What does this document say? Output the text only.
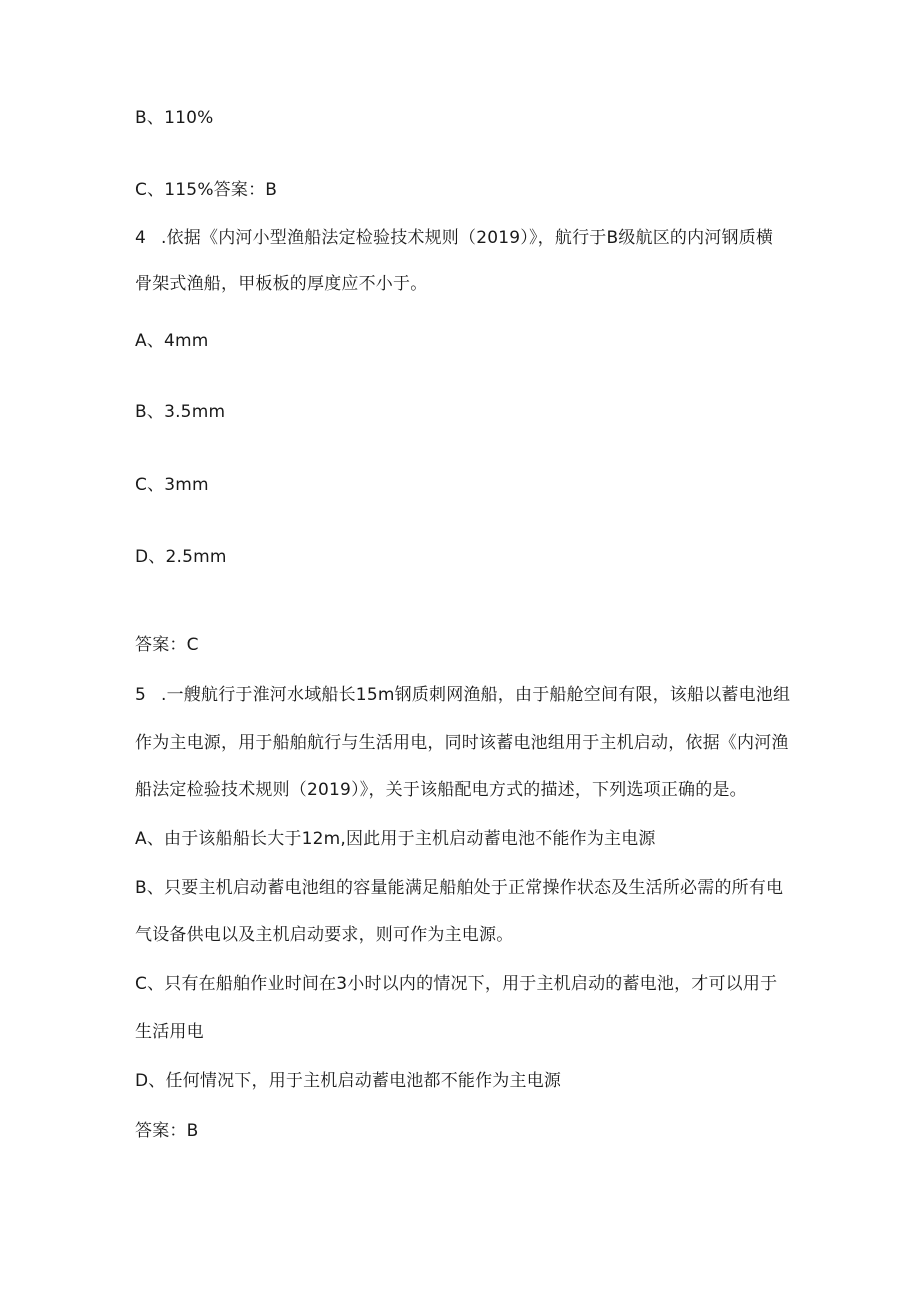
B、110%
C、115%答案：B
4 .依据《内河小型渔船法定检验技术规则（2019）》，航行于B级航区的内河钢质横
骨架式渔船，甲板板的厚度应不小于。
A、4mm
B、3.5mm
C、3mm
D、2.5mm
答案：C
5 .一艘航行于淮河水域船长15m钢质刺网渔船，由于船舱空间有限，该船以蓄电池组
作为主电源，用于船舶航行与生活用电，同时该蓄电池组用于主机启动，依据《内河渔
船法定检验技术规则（2019）》，关于该船配电方式的描述，下列选项正确的是。
A、由于该船船长大于12m,因此用于主机启动蓄电池不能作为主电源
B、只要主机启动蓄电池组的容量能满足船舶处于正常操作状态及生活所必需的所有电
气设备供电以及主机启动要求，则可作为主电源。
C、只有在船舶作业时间在3小时以内的情况下，用于主机启动的蓄电池，才可以用于
生活用电
D、任何情况下，用于主机启动蓄电池都不能作为主电源
答案：B
